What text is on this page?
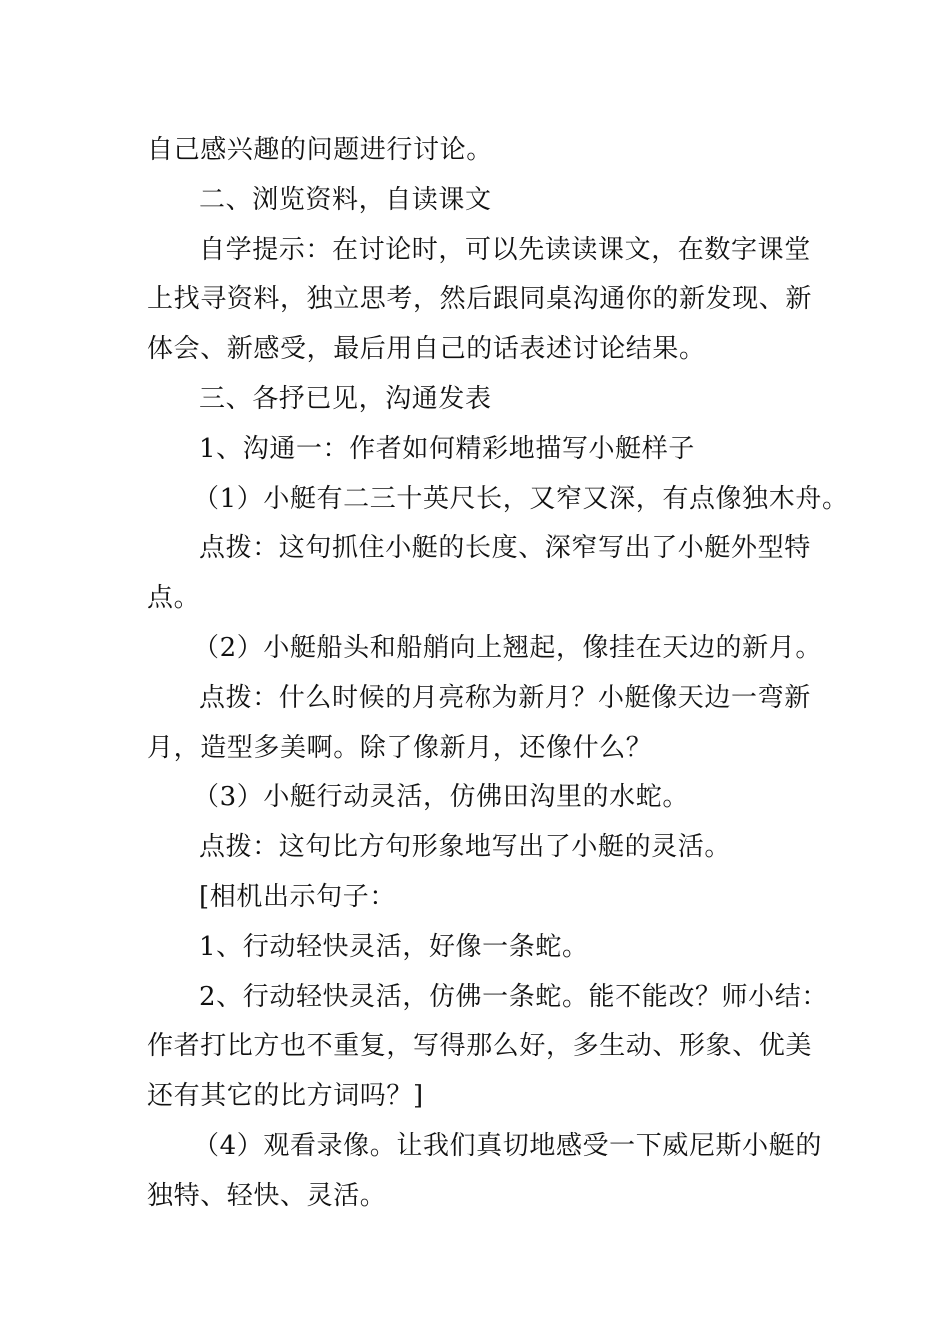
自己感兴趣的问题进行讨论。
二、浏览资料，自读课文
自学提示：在讨论时，可以先读读课文，在数字课堂
上找寻资料，独立思考，然后跟同桌沟通你的新发现、新
体会、新感受，最后用自己的话表述讨论结果。
三、各抒已见，沟通发表
1、沟通一：作者如何精彩地描写小艇样子
（1）小艇有二三十英尺长，又窄又深，有点像独木舟。
点拨：这句抓住小艇的长度、深窄写出了小艇外型特
点。
（2）小艇船头和船艄向上翘起，像挂在天边的新月。
点拨：什么时候的月亮称为新月？小艇像天边一弯新
月，造型多美啊。除了像新月，还像什么？
（3）小艇行动灵活，仿佛田沟里的水蛇。
点拨：这句比方句形象地写出了小艇的灵活。
[相机出示句子：
1、行动轻快灵活，好像一条蛇。
2、行动轻快灵活，仿佛一条蛇。能不能改？师小结：
作者打比方也不重复，写得那么好，多生动、形象、优美
还有其它的比方词吗？]
（4）观看录像。让我们真切地感受一下威尼斯小艇的
独特、轻快、灵活。
